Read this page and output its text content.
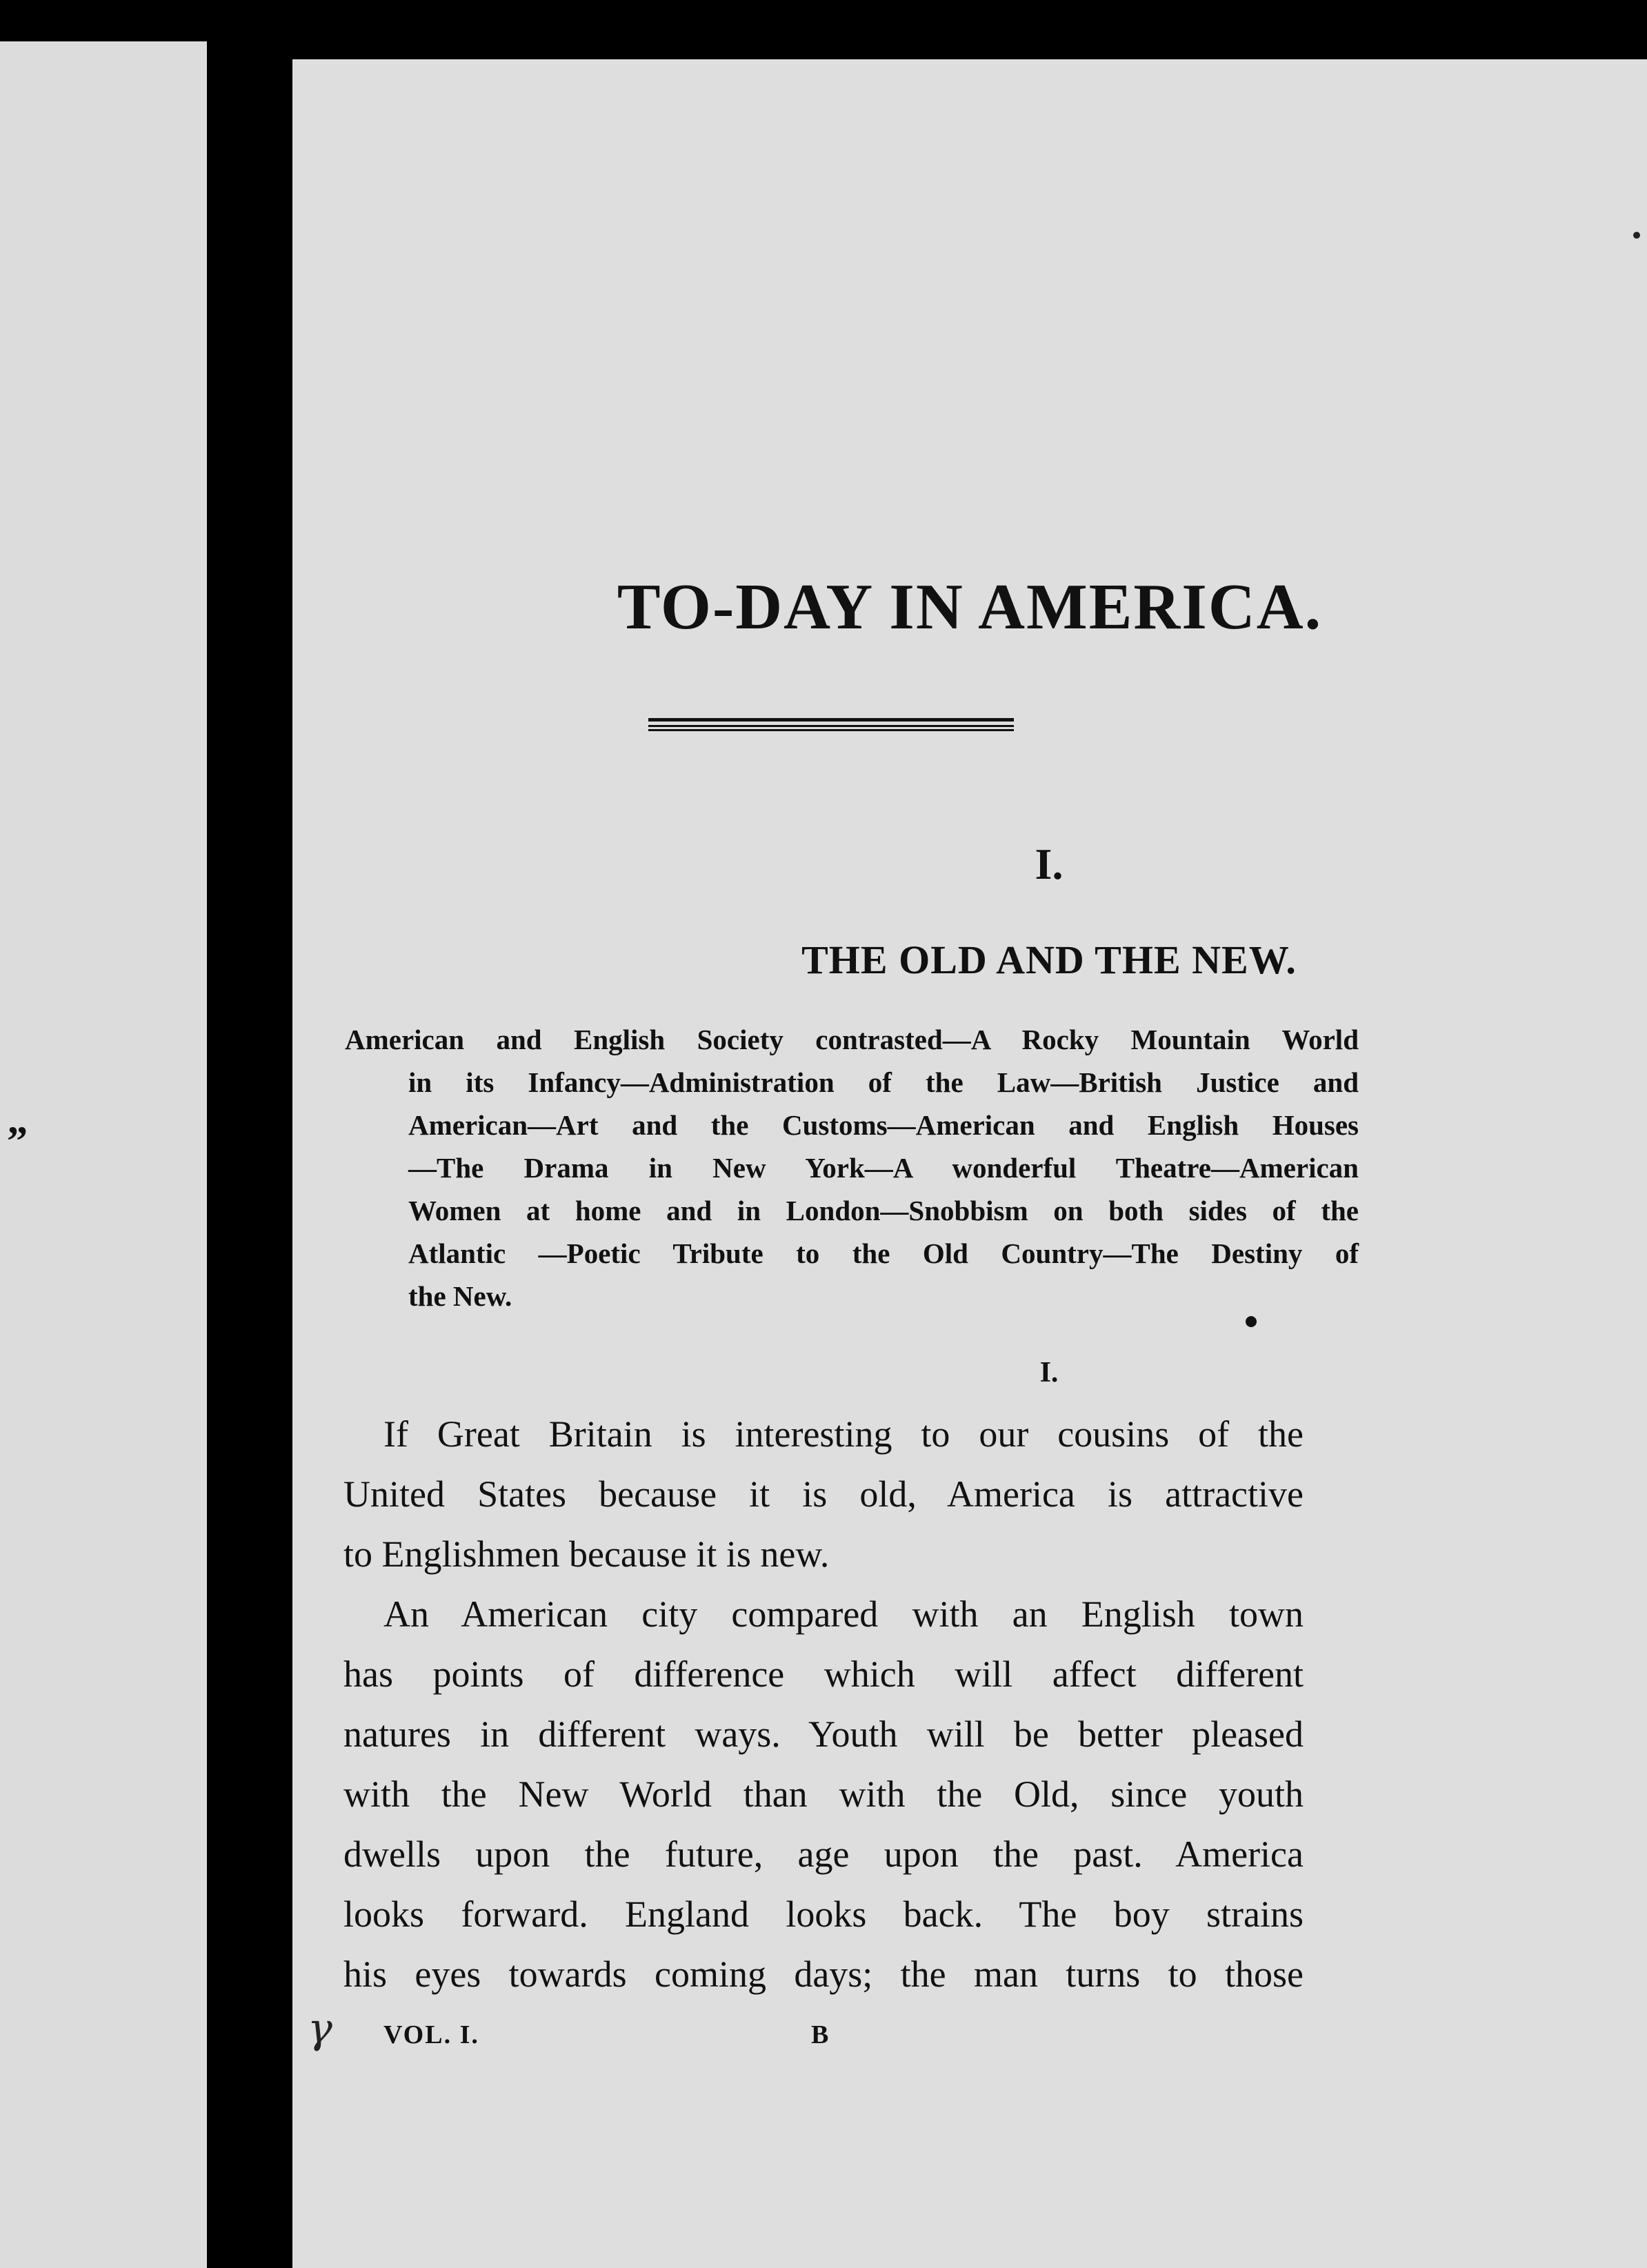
”
TO-DAY IN AMERICA.
I.
THE OLD AND THE NEW.
American and English Society contrasted—A Rocky Mountain World
in its Infancy—Administration of the Law—British Justice and
American—Art and the Customs—American and English Houses
—The Drama in New York—A wonderful Theatre—American
Women at home and in London—Snobbism on both sides of the
Atlantic —Poetic Tribute to the Old Country—The Destiny of
the New.
I.
If Great Britain is interesting to our cousins of the
United States because it is old, America is attractive
to Englishmen because it is new.
An American city compared with an English town
has points of difference which will affect different
natures in different ways. Youth will be better pleased
with the New World than with the Old, since youth
dwells upon the future, age upon the past. America
looks forward. England looks back. The boy strains
his eyes towards coming days; the man turns to those
γ VOL. I.	B
